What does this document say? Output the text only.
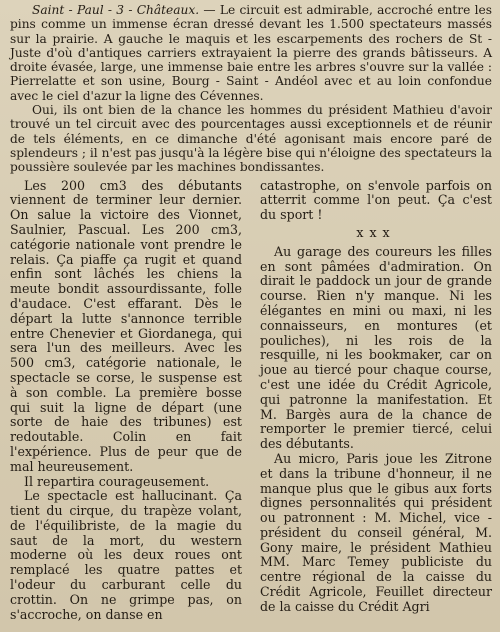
Saint - Paul - 3 - Châteaux. — Le circuit est admirable, accroché entre les pins comme un immense écran dressé devant les 1.500 spectateurs massés sur la prairie. A gauche le maquis et les escarpements des rochers de St - Juste d'où d'antiques carriers extrayaient la pierre des grands bâtisseurs. A droite évasée, large, une immense baie entre les arbres s'ouvre sur la vallée : Pierrelatte et son usine, Bourg - Saint - Andéol avec et au loin confondue avec le ciel d'azur la ligne des Cévennes.

Oui, ils ont bien de la chance les hommes du président Mathieu d'avoir trouvé un tel circuit avec des pourcentages aussi exceptionnels et de réunir de tels éléments, en ce dimanche d'été agonisant mais encore paré de splendeurs ; il n'est pas jusqu'à la légère bise qui n'éloigne des spectateurs la poussière soulevée par les machines bondissantes.

Les 200 cm3 des débutants viennent de terminer leur dernier. On salue la victoire des Vionnet, Saulnier, Pascual. Les 200 cm3, catégorie nationale vont prendre le relais. Ça piaffe ça rugit et quand enfin sont lâchés les chiens la meute bondit assourdissante, folle d'audace. C'est effarant. Dès le départ la lutte s'annonce terrible entre Chenevier et Giordanega, qui sera l'un des meilleurs. Avec les 500 cm3, catégorie nationale, le spectacle se corse, le suspense est à son comble. La première bosse qui suit la ligne de départ (une sorte de haie des tribunes) est redoutable. Colin en fait l'expérience. Plus de peur que de mal heureusement.

Il repartira courageusement.

Le spectacle est hallucinant. Ça tient du cirque, du trapèze volant, de l'équilibriste, de la magie du saut de la mort, du western moderne où les deux roues ont remplacé les quatre pattes et l'odeur du carburant celle du crottin. On ne grimpe pas, on s'accroche, on danse en

catastrophe, on s'envole parfois on atterrit comme l'on peut. Ça c'est du sport !

xxx

Au garage des coureurs les filles en sont pâmées d'admiration. On dirait le paddock un jour de grande course. Rien n'y manque. Ni les élégantes en mini ou maxi, ni les connaisseurs, en montures (et pouliches), ni les rois de la resquille, ni les bookmaker, car on joue au tiercé pour chaque course, c'est une idée du Crédit Agricole, qui patronne la manifestation. Et M. Bargès aura de la chance de remporter le premier tiercé, celui des débutants.

Au micro, Paris joue les Zitrone et dans la tribune d'honneur, il ne manque plus que le gibus aux forts dignes personnalités qui président ou patronnent : M. Michel, vice - président du conseil général, M. Gony maire, le président Mathieu MM. Marc Temey publiciste du centre régional de la caisse du Crédit Agricole, Feuillet directeur de la caisse du Crédit Agri
